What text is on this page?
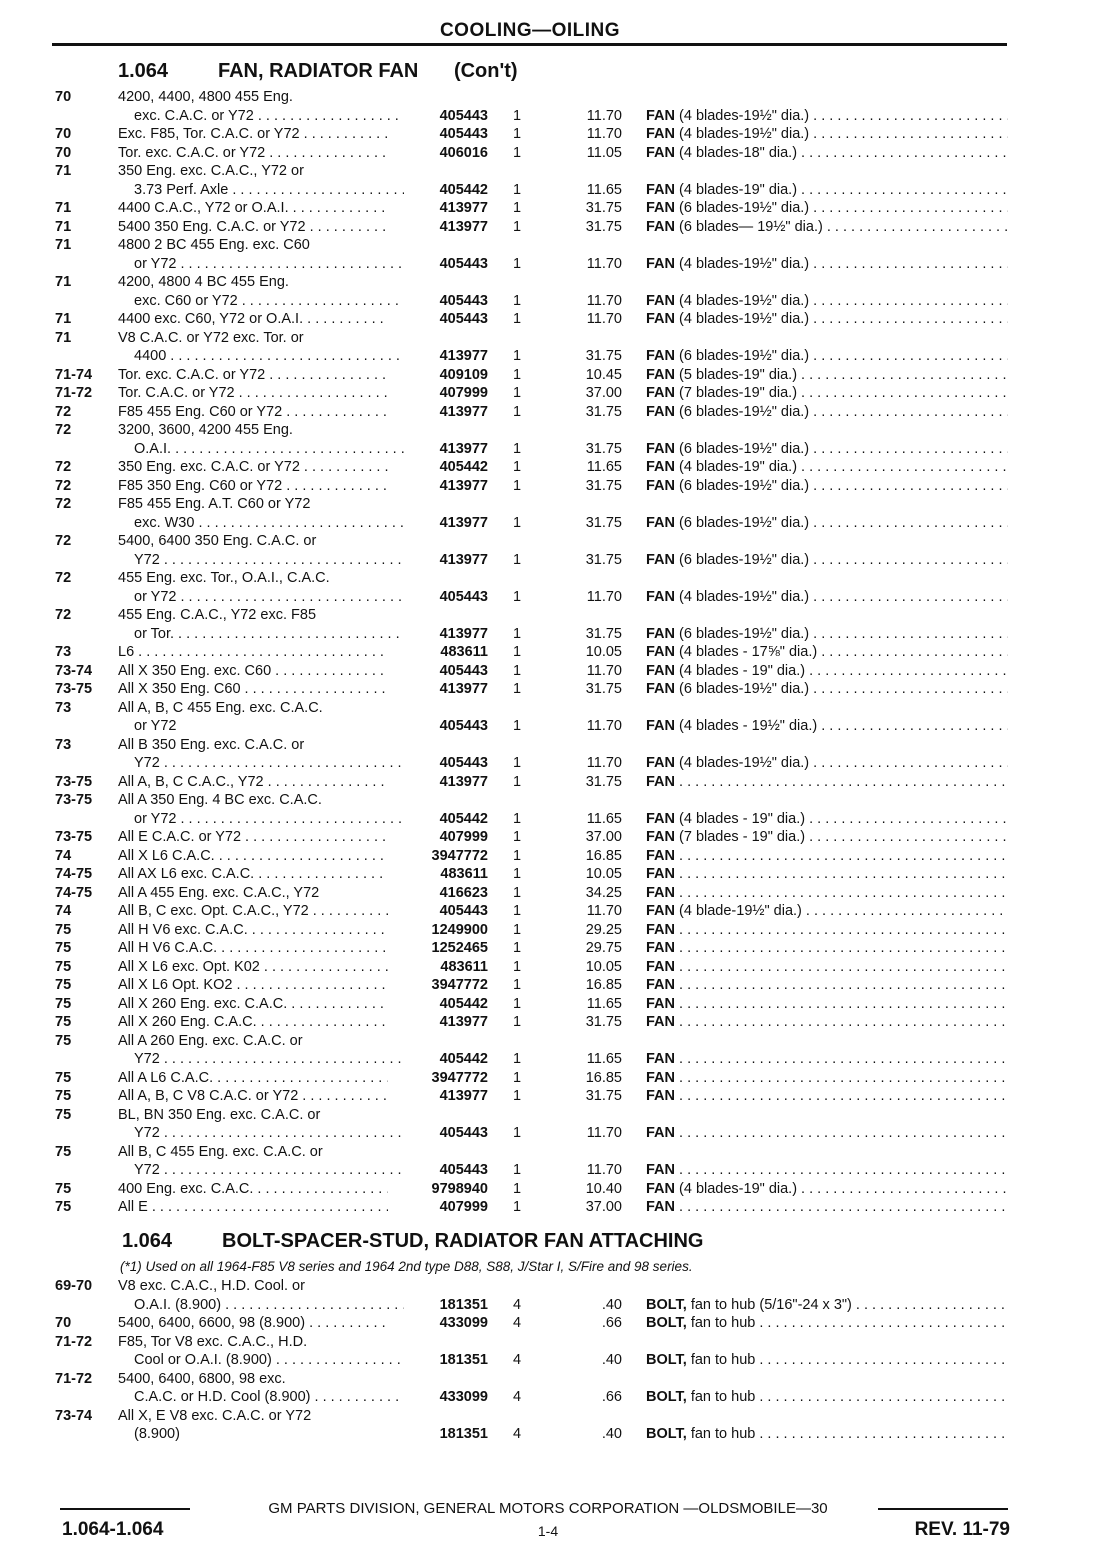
COOLING—OILING
1.064 FAN, RADIATOR FAN (Con't)
70	4200, 4400, 4800 455 Eng.
exc. C.A.C. or Y72 . . .	405443 1	11.70 FAN (4 blades-19½" dia.) . . .
70	Exc. F85, Tor. C.A.C. or Y72 . . .	405443 1	11.70 FAN (4 blades-19½" dia.) . . .
70	Tor. exc. C.A.C. or Y72 . . .	406016 1	11.05 FAN (4 blades-18" dia.) . . .
71	350 Eng. exc. C.A.C., Y72 or
3.73 Perf. Axle . . .	405442 1	11.65 FAN (4 blades-19" dia.) . . .
71	4400 C.A.C., Y72 or O.A.I. . . .	413977 1	31.75 FAN (6 blades-19½" dia.) . . .
71	5400 350 Eng. C.A.C. or Y72 . . .	413977 1	31.75 FAN (6 blades— 19½" dia.) . . .
71	4800 2 BC 455 Eng. exc. C60
or Y72 . . .	405443 1	11.70 FAN (4 blades-19½" dia.) . . .
71	4200, 4800 4 BC 455 Eng.
exc. C60 or Y72 . . .	405443 1	11.70 FAN (4 blades-19½" dia.) . . .
71	4400 exc. C60, Y72 or O.A.I. . . .	405443 1	11.70 FAN (4 blades-19½" dia.) . . .
71	V8 C.A.C. or Y72 exc. Tor. or
4400 . . .	413977 1	31.75 FAN (6 blades-19½" dia.) . . .
71-74 Tor. exc. C.A.C. or Y72 . . .	409109 1	10.45 FAN (5 blades-19" dia.) . . .
71-72 Tor. C.A.C. or Y72 . . .	407999 1	37.00 FAN (7 blades-19" dia.) . . .
72	F85 455 Eng. C60 or Y72 . . .	413977 1	31.75 FAN (6 blades-19½" dia.) . . .
72	3200, 3600, 4200 455 Eng.
O.A.I. . . .	413977 1	31.75 FAN (6 blades-19½" dia.) . . .
72	350 Eng. exc. C.A.C. or Y72 . . .	405442 1	11.65 FAN (4 blades-19" dia.) . . .
72	F85 350 Eng. C60 or Y72 . . .	413977 1	31.75 FAN (6 blades-19½" dia.) . . .
72	F85 455 Eng. A.T. C60 or Y72
exc. W30 . . .	413977 1	31.75 FAN (6 blades-19½" dia.) . . .
72	5400, 6400 350 Eng. C.A.C. or
Y72 . . .	413977 1	31.75 FAN (6 blades-19½" dia.) . . .
72	455 Eng. exc. Tor., O.A.I., C.A.C.
or Y72 . . .	405443 1	11.70 FAN (4 blades-19½" dia.) . . .
72	455 Eng. C.A.C., Y72 exc. F85
or Tor. . . .	413977 1	31.75 FAN (6 blades-19½" dia.) . . .
73	L6 . . .	483611 1	10.05 FAN (4 blades - 17⅝" dia.) . . .
73-74 All X 350 Eng. exc. C60 . . .	405443 1	11.70 FAN (4 blades - 19" dia.) . . .
73-75 All X 350 Eng. C60 . . .	413977 1	31.75 FAN (6 blades-19½" dia.) . . .
73	All A, B, C 455 Eng. exc. C.A.C.
or Y72	405443 1	11.70 FAN (4 blades - 19½" dia.) . . .
73	All B 350 Eng. exc. C.A.C. or
Y72 . . .	405443 1	11.70 FAN (4 blades-19½" dia.) . . .
73-75 All A, B, C C.A.C., Y72 . . .	413977 1	31.75 FAN . . .
73-75 All A 350 Eng. 4 BC exc. C.A.C.
or Y72 . . .	405442 1	11.65 FAN (4 blades - 19" dia.) . . .
73-75 All E C.A.C. or Y72 . . .	407999 1	37.00 FAN (7 blades - 19" dia.) . . .
74	All X L6 C.A.C. . . .	3947772 1	16.85 FAN . . .
74-75 All AX L6 exc. C.A.C. . . .	483611 1	10.05 FAN . . .
74-75 All A 455 Eng. exc. C.A.C., Y72	416623 1	34.25 FAN . . .
74	All B, C exc. Opt. C.A.C., Y72 . . .	405443 1	11.70 FAN (4 blade-19½" dia.) . . .
75	All H V6 exc. C.A.C. . . .	1249900 1	29.25 FAN . . .
75	All H V6 C.A.C. . . .	1252465 1	29.75 FAN . . .
75	All X L6 exc. Opt. K02 . . .	483611 1	10.05 FAN . . .
75	All X L6 Opt. KO2 . . .	3947772 1	16.85 FAN . . .
75	All X 260 Eng. exc. C.A.C. . . .	405442 1	11.65 FAN . . .
75	All X 260 Eng. C.A.C. . . .	413977 1	31.75 FAN . . .
75	All A 260 Eng. exc. C.A.C. or
Y72 . . .	405442 1	11.65 FAN . . .
75	All A L6 C.A.C. . . .	3947772 1	16.85 FAN . . .
75	All A, B, C V8 C.A.C. or Y72 . . .	413977 1	31.75 FAN . . .
75	BL, BN 350 Eng. exc. C.A.C. or
Y72 . . .	405443 1	11.70 FAN . . .
75	All B, C 455 Eng. exc. C.A.C. or
Y72 . . .	405443 1	11.70 FAN . . .
75	400 Eng. exc. C.A.C. . . .	9798940 1	10.40 FAN (4 blades-19" dia.) . . .
75	All E . . .	407999 1	37.00 FAN . . .
1.064 BOLT-SPACER-STUD, RADIATOR FAN ATTACHING
(*1) Used on all 1964-F85 V8 series and 1964 2nd type D88, S88, J/Star I, S/Fire and 98 series.
69-70 V8 exc. C.A.C., H.D. Cool. or
O.A.I. (8.900) . . .	181351 4	.40 BOLT, fan to hub (5/16"-24 x 3") . . .
70	5400, 6400, 6600, 98 (8.900) . . .	433099 4	.66 BOLT, fan to hub . . .
71-72 F85, Tor V8 exc. C.A.C., H.D.
Cool or O.A.I. (8.900) . . .	181351 4	.40 BOLT, fan to hub . . .
71-72 5400, 6400, 6800, 98 exc.
C.A.C. or H.D. Cool (8.900) . . .	433099 4	.66 BOLT, fan to hub . . .
73-74 All X, E V8 exc. C.A.C. or Y72
(8.900)	181351 4	.40 BOLT, fan to hub . . .
GM PARTS DIVISION, GENERAL MOTORS CORPORATION —OLDSMOBILE—30
1.064-1.064	1-4	REV. 11-79
